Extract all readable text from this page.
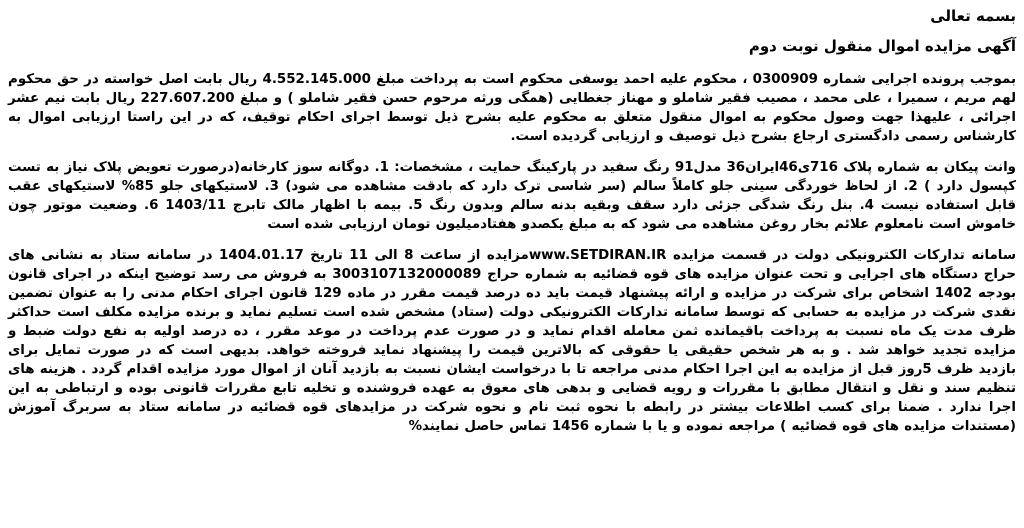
بسمه تعالی

آگهی مزایده اموال منقول نوبت دوم

بموجب پرونده اجرایی شماره 0300909 ، محکوم علیه احمد یوسفی محکوم است به پرداخت مبلغ 4.552.145.000 ریال بابت اصل خواسته در حق محکوم لهم مریم ، سمیرا ، علی محمد ، مصیب فقیر شاملو و مهناز جغطایی (همگی ورثه مرحوم حسن فقیر شاملو ) و مبلغ 227.607.200 ریال بابت نیم عشر اجرائی ، علیهذا جهت وصول محکوم به اموال منقول متعلق به محکوم علیه بشرح ذیل توسط اجرای احکام توقیف، که در این راستا ارزیابی اموال به کارشناس رسمی دادگستری ارجاع بشرح ذیل توصیف و ارزیابی گردیده است.

وانت پیکان به شماره پلاک 716ی46ایران36 مدل91 رنگ سفید در پارکینگ حمایت ، مشخصات: 1. دوگانه سوز کارخانه(درصورت تعویض پلاک نیاز به تست کپسول دارد ) 2. از لحاظ خوردگی سینی جلو کاملاً سالم (سر شاسی ترک دارد که بادقت مشاهده می شود) 3. لاستیکهای جلو 85% لاستیکهای عقب قابل استفاده نیست 4. بنل رنگ شدگی جزئی دارد سقف وبقیه بدنه سالم وبدون رنگ 5. بیمه با اظهار مالک تابرج 1403/11 6. وضعیت موتور چون خاموش است نامعلوم علائم بخار روغن مشاهده می شود که به مبلغ یکصدو هفتادمیلیون تومان ارزیابی شده است

سامانه تدارکات الکترونیکی دولت در قسمت مزایده www.SETDIRAN.IRمزایده از ساعت 8 الی 11 تاریخ 1404.01.17 در سامانه ستاد به نشانی های حراج دستگاه های اجرایی و تحت عنوان مزایده های قوه قضائیه به شماره حراج 3003107132000089 به فروش می رسد توضیح اینکه در اجرای قانون بودجه 1402 اشخاص برای شرکت در مزایده و ارائه پیشنهاد قیمت باید ده درصد قیمت مقرر در ماده 129 قانون اجرای احکام مدنی را به عنوان تضمین نقدی شرکت در مزایده به حسابی که توسط سامانه تدارکات الکترونیکی دولت (ستاد) مشخص شده است تسلیم نماید و برنده مزایده مکلف است حداکثر ظرف مدت یک ماه نسبت به پرداخت باقیمانده ثمن معامله اقدام نماید و در صورت عدم پرداخت در موعد مقرر ، ده درصد اولیه به نفع دولت ضبط و مزایده تجدید خواهد شد . و به هر شخص حقیقی یا حقوقی که بالاترین قیمت را پیشنهاد نماید فروخته خواهد. بدیهی است که در صورت تمایل برای بازدید ظرف 5روز قبل از مزایده به این اجرا احکام مدنی مراجعه تا با درخواست ایشان نسبت به بازدید آنان از اموال مورد مزایده اقدام گردد . هزینه های تنظیم سند و نقل و انتقال مطابق با مقررات و رویه قضایی و بدهی های معوق به عهده فروشنده و تخلیه تابع مقررات قانونی بوده و ارتباطی به این اجرا ندارد . ضمنا برای کسب اطلاعات بیشتر در رابطه با نحوه ثبت نام و نحوه شرکت در مزایدهای قوه قضائیه در سامانه ستاد به سربرگ آموزش (مستندات مزایده های قوه قضائیه ) مراجعه نموده و یا با شماره 1456 تماس حاصل نمایند%
